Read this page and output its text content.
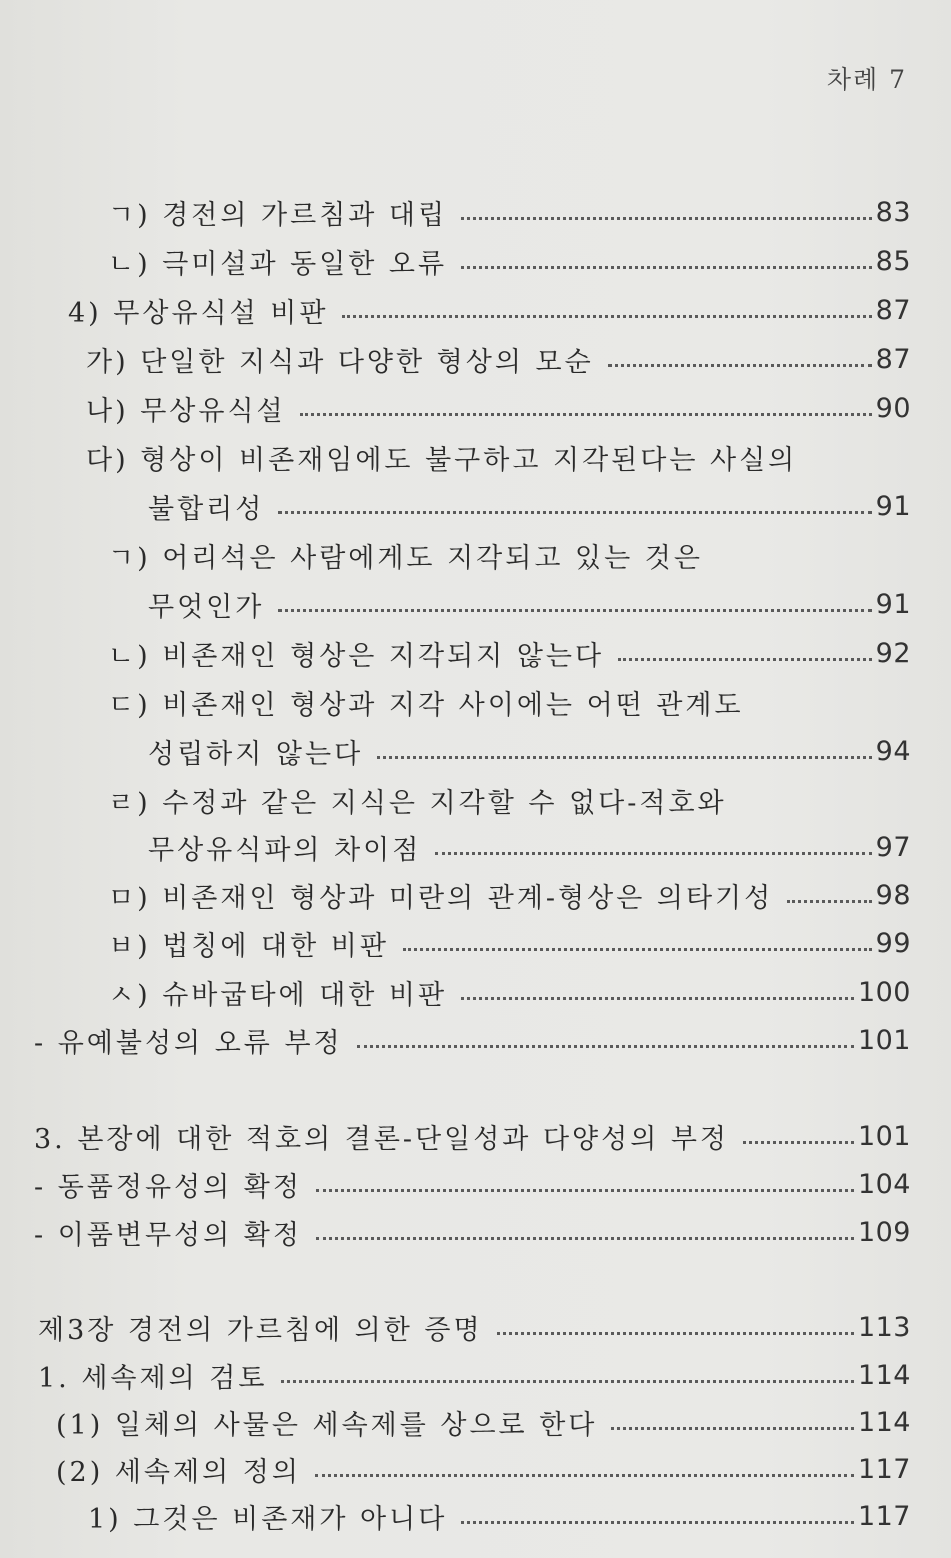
차례 7
ㄱ) 경전의 가르침과 대립	83
ㄴ) 극미설과 동일한 오류	85
4) 무상유식설 비판	87
가) 단일한 지식과 다양한 형상의 모순	87
나) 무상유식설	90
다) 형상이 비존재임에도 불구하고 지각된다는 사실의
불합리성	91
ㄱ) 어리석은 사람에게도 지각되고 있는 것은
무엇인가	91
ㄴ) 비존재인 형상은 지각되지 않는다	92
ㄷ) 비존재인 형상과 지각 사이에는 어떤 관계도
성립하지 않는다	94
ㄹ) 수정과 같은 지식은 지각할 수 없다-적호와
무상유식파의 차이점	97
ㅁ) 비존재인 형상과 미란의 관계-형상은 의타기성	98
ㅂ) 법칭에 대한 비판	99
ㅅ) 슈바굽타에 대한 비판	100
- 유예불성의 오류 부정	101
3. 본장에 대한 적호의 결론-단일성과 다양성의 부정	101
- 동품정유성의 확정	104
- 이품변무성의 확정	109
제3장 경전의 가르침에 의한 증명	113
1. 세속제의 검토	114
(1) 일체의 사물은 세속제를 상으로 한다	114
(2) 세속제의 정의	117
1) 그것은 비존재가 아니다	117
